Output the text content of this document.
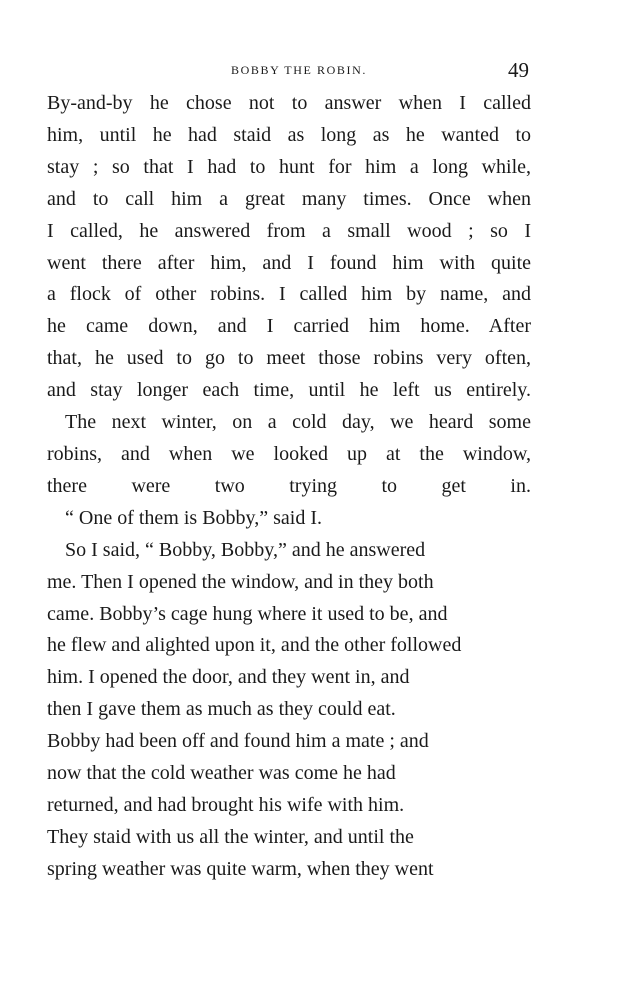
BOBBY THE ROBIN.	49

By-and-by he chose not to answer when I called
him, until he had staid as long as he wanted to
stay ; so that I had to hunt for him a long while,
and to call him a great many times. Once when
I called, he answered from a small wood ; so I
went there after him, and I found him with quite
a flock of other robins. I called him by name, and
he came down, and I carried him home. After
that, he used to go to meet those robins very often,
and stay longer each time, until he left us entirely.

The next winter, on a cold day, we heard some
robins, and when we looked up at the window,
there were two trying to get in.

“ One of them is Bobby,” said I.

So I said, “ Bobby, Bobby,” and he answered
me. Then I opened the window, and in they both
came. Bobby’s cage hung where it used to be, and
he flew and alighted upon it, and the other followed
him. I opened the door, and they went in, and
then I gave them as much as they could eat.
Bobby had been off and found him a mate ; and
now that the cold weather was come he had
returned, and had brought his wife with him.
They staid with us all the winter, and until the
spring weather was quite warm, when they went
